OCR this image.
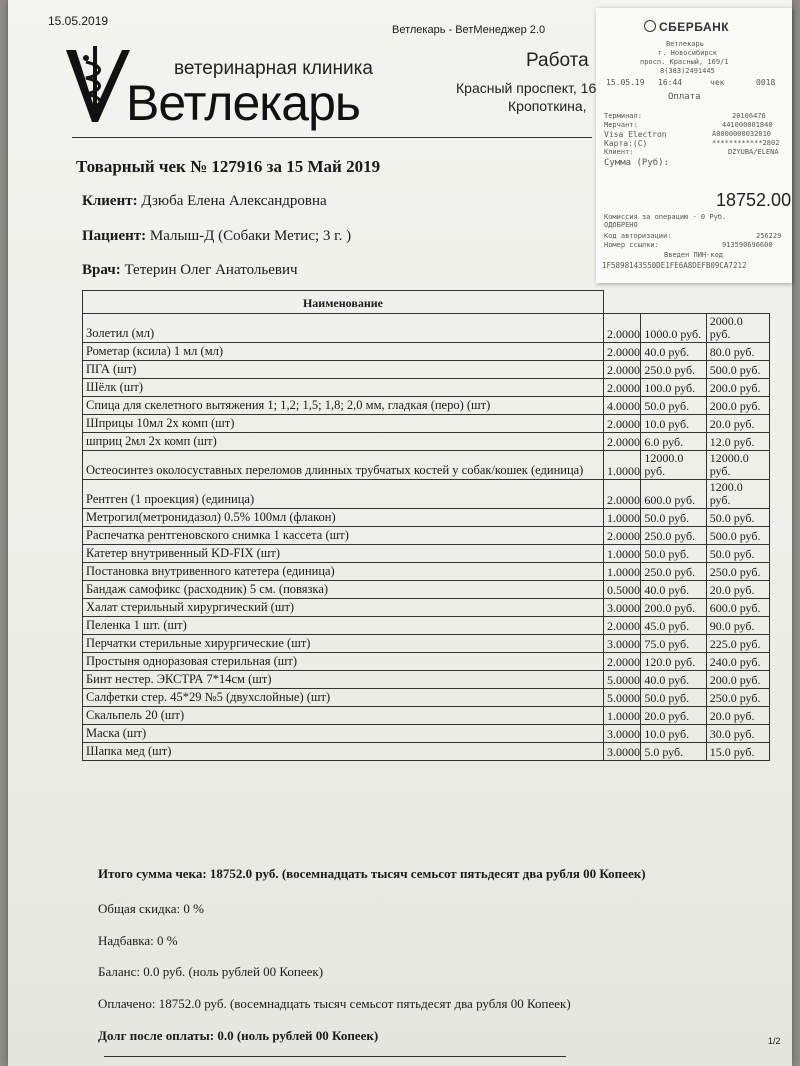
15.05.2019
Ветлекарь - ВетМенеджер 2.0
ветеринарная клиника
Ветлекарь
Работа
Красный проспект, 16
Кропоткина,
Товарный чек № 127916 за 15 Май 2019
Клиент: Дзюба Елена Александровна
Пациент: Малыш-Д (Собаки Метис; 3 г. )
Врач: Тетерин Олег Анатольевич
Наименование			
Золетил (мл)	2.0000	1000.0 руб.	2000.0 руб.
Рометар (ксила) 1 мл (мл)	2.0000	40.0 руб.	80.0 руб.
ПГА (шт)	2.0000	250.0 руб.	500.0 руб.
Шёлк (шт)	2.0000	100.0 руб.	200.0 руб.
Спица для скелетного вытяжения 1; 1,2; 1,5; 1,8; 2,0 мм, гладкая (перо) (шт)	4.0000	50.0 руб.	200.0 руб.
Шприцы 10мл 2х комп (шт)	2.0000	10.0 руб.	20.0 руб.
шприц 2мл 2х комп (шт)	2.0000	6.0 руб.	12.0 руб.
Остеосинтез околосуставных переломов длинных трубчатых костей у собак/кошек (единица)	1.0000	12000.0 руб.	12000.0 руб.
Рентген (1 проекция) (единица)	2.0000	600.0 руб.	1200.0 руб.
Метрогил(метронидазол) 0.5% 100мл (флакон)	1.0000	50.0 руб.	50.0 руб.
Распечатка рентгеновского снимка 1 кассета (шт)	2.0000	250.0 руб.	500.0 руб.
Катетер внутривенный KD-FIX (шт)	1.0000	50.0 руб.	50.0 руб.
Постановка внутривенного катетера (единица)	1.0000	250.0 руб.	250.0 руб.
Бандаж самофикс (расходник) 5 см. (повязка)	0.5000	40.0 руб.	20.0 руб.
Халат стерильный хирургический (шт)	3.0000	200.0 руб.	600.0 руб.
Пеленка 1 шт. (шт)	2.0000	45.0 руб.	90.0 руб.
Перчатки стерильные хирургические (шт)	3.0000	75.0 руб.	225.0 руб.
Простыня одноразовая стерильная (шт)	2.0000	120.0 руб.	240.0 руб.
Бинт нестер. ЭКСТРА 7*14см (шт)	5.0000	40.0 руб.	200.0 руб.
Салфетки стер. 45*29 №5 (двухслойные) (шт)	5.0000	50.0 руб.	250.0 руб.
Скальпель 20 (шт)	1.0000	20.0 руб.	20.0 руб.
Маска (шт)	3.0000	10.0 руб.	30.0 руб.
Шапка мед (шт)	3.0000	5.0 руб.	15.0 руб.
Итого сумма чека: 18752.0 руб. (восемнадцать тысяч семьсот пятьдесят два рубля 00 Копеек)
Общая скидка: 0 %
Надбавка: 0 %
Баланс: 0.0 руб. (ноль рублей 00 Копеек)
Оплачено: 18752.0 руб. (восемнадцать тысяч семьсот пятьдесят два рубля 00 Копеек)
Долг после оплаты: 0.0 (ноль рублей 00 Копеек)	1/2
СБЕРБАНК
Ветлекарь
г. Новосибирск
просп. Красный, 169/1
8(383)2491445
15.05.19 16:44	чек	0018
Оплата
Терминал:	20106476
Мерчант:	441000001840
Visa Electron	A0000000032010
Карта:(C)	************2802
Клиент:	DZYUBA/ELENA
Сумма (Руб):
18752.00
Комиссия за операцию - 0 Руб.
ОДОБРЕНО
Код авторизации:	256229
Номер ссылки:	913590696600
Введен ПИН-код
1F5898143550DE1FE6A8DEFB09CA7212
